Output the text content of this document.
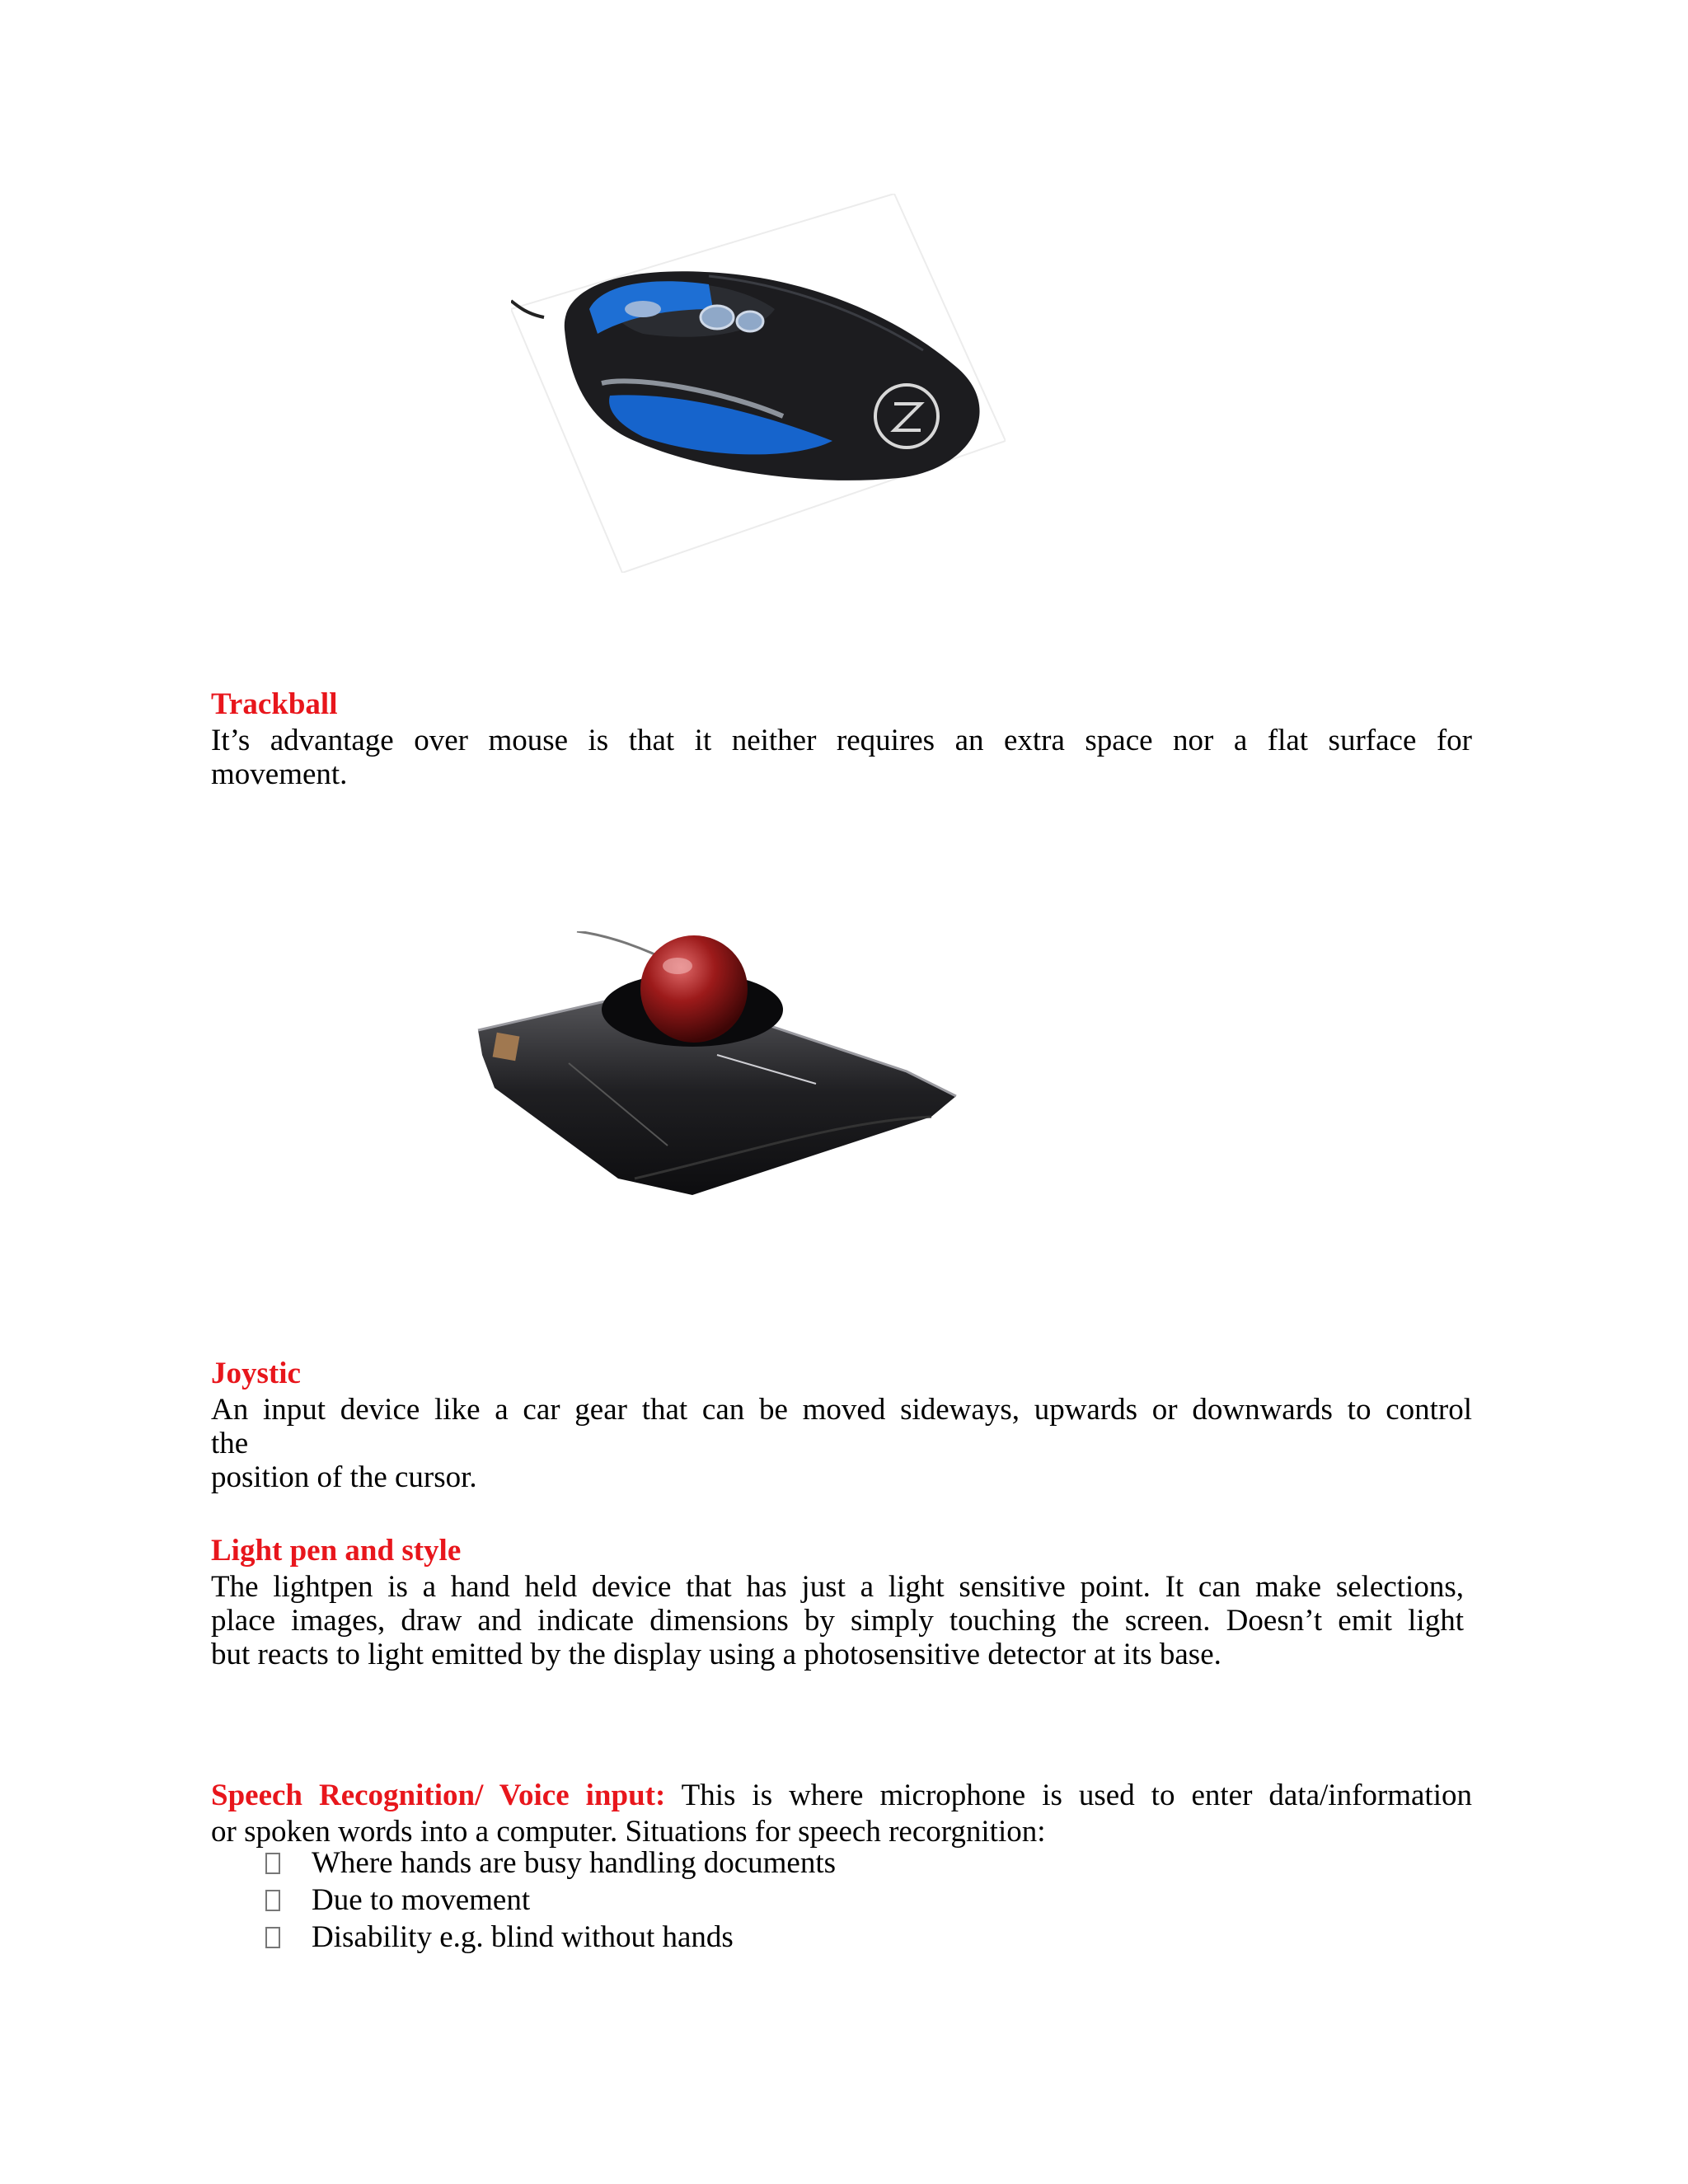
Trackball
It’s advantage over mouse is that it neither requires an extra space nor a flat surface for
movement.
Joystic
An input device like a car gear that can be moved sideways, upwards or downwards to control
the
position of the cursor.
Light pen and style
The lightpen is a hand held device that has just a light sensitive point. It can make selections,
place images, draw and indicate dimensions by simply touching the screen. Doesn’t emit light
but reacts to light emitted by the display using a photosensitive detector at its base.
Speech Recognition/ Voice input: This is where microphone is used to enter data/information
or spoken words into a computer. Situations for speech recorgnition:
Where hands are busy handling documents
Due to movement
Disability e.g. blind without hands
